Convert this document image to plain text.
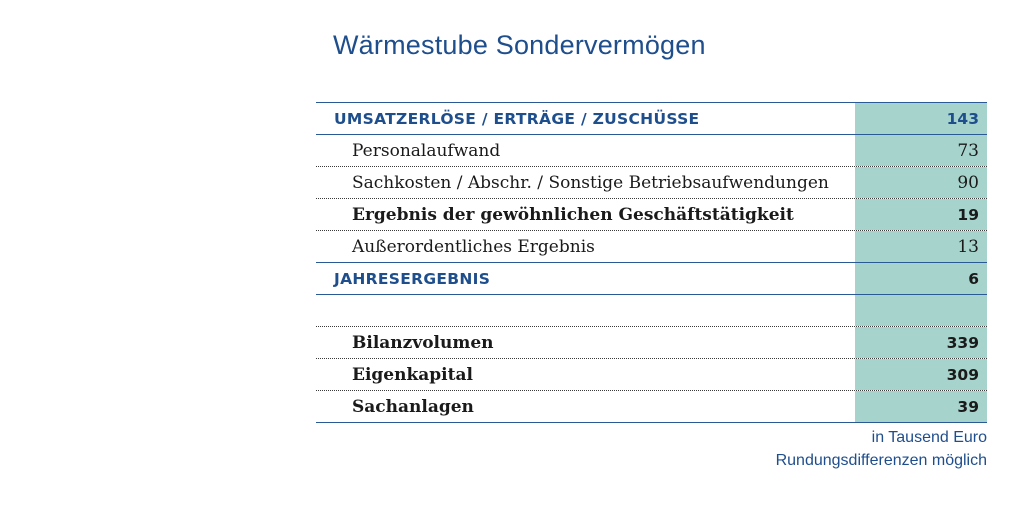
Wärmestube Sondervermögen
UMSATZERLÖSE / ERTRÄGE / ZUSCHÜSSE	143
Personalaufwand	73
Sachkosten / Abschr. / Sonstige Betriebsaufwendungen	90
Ergebnis der gewöhnlichen Geschäftstätigkeit	19
Außerordentliches Ergebnis	13
JAHRESERGEBNIS	6
Bilanzvolumen	339
Eigenkapital	309
Sachanlagen	39
in Tausend Euro
Rundungsdifferenzen möglich
